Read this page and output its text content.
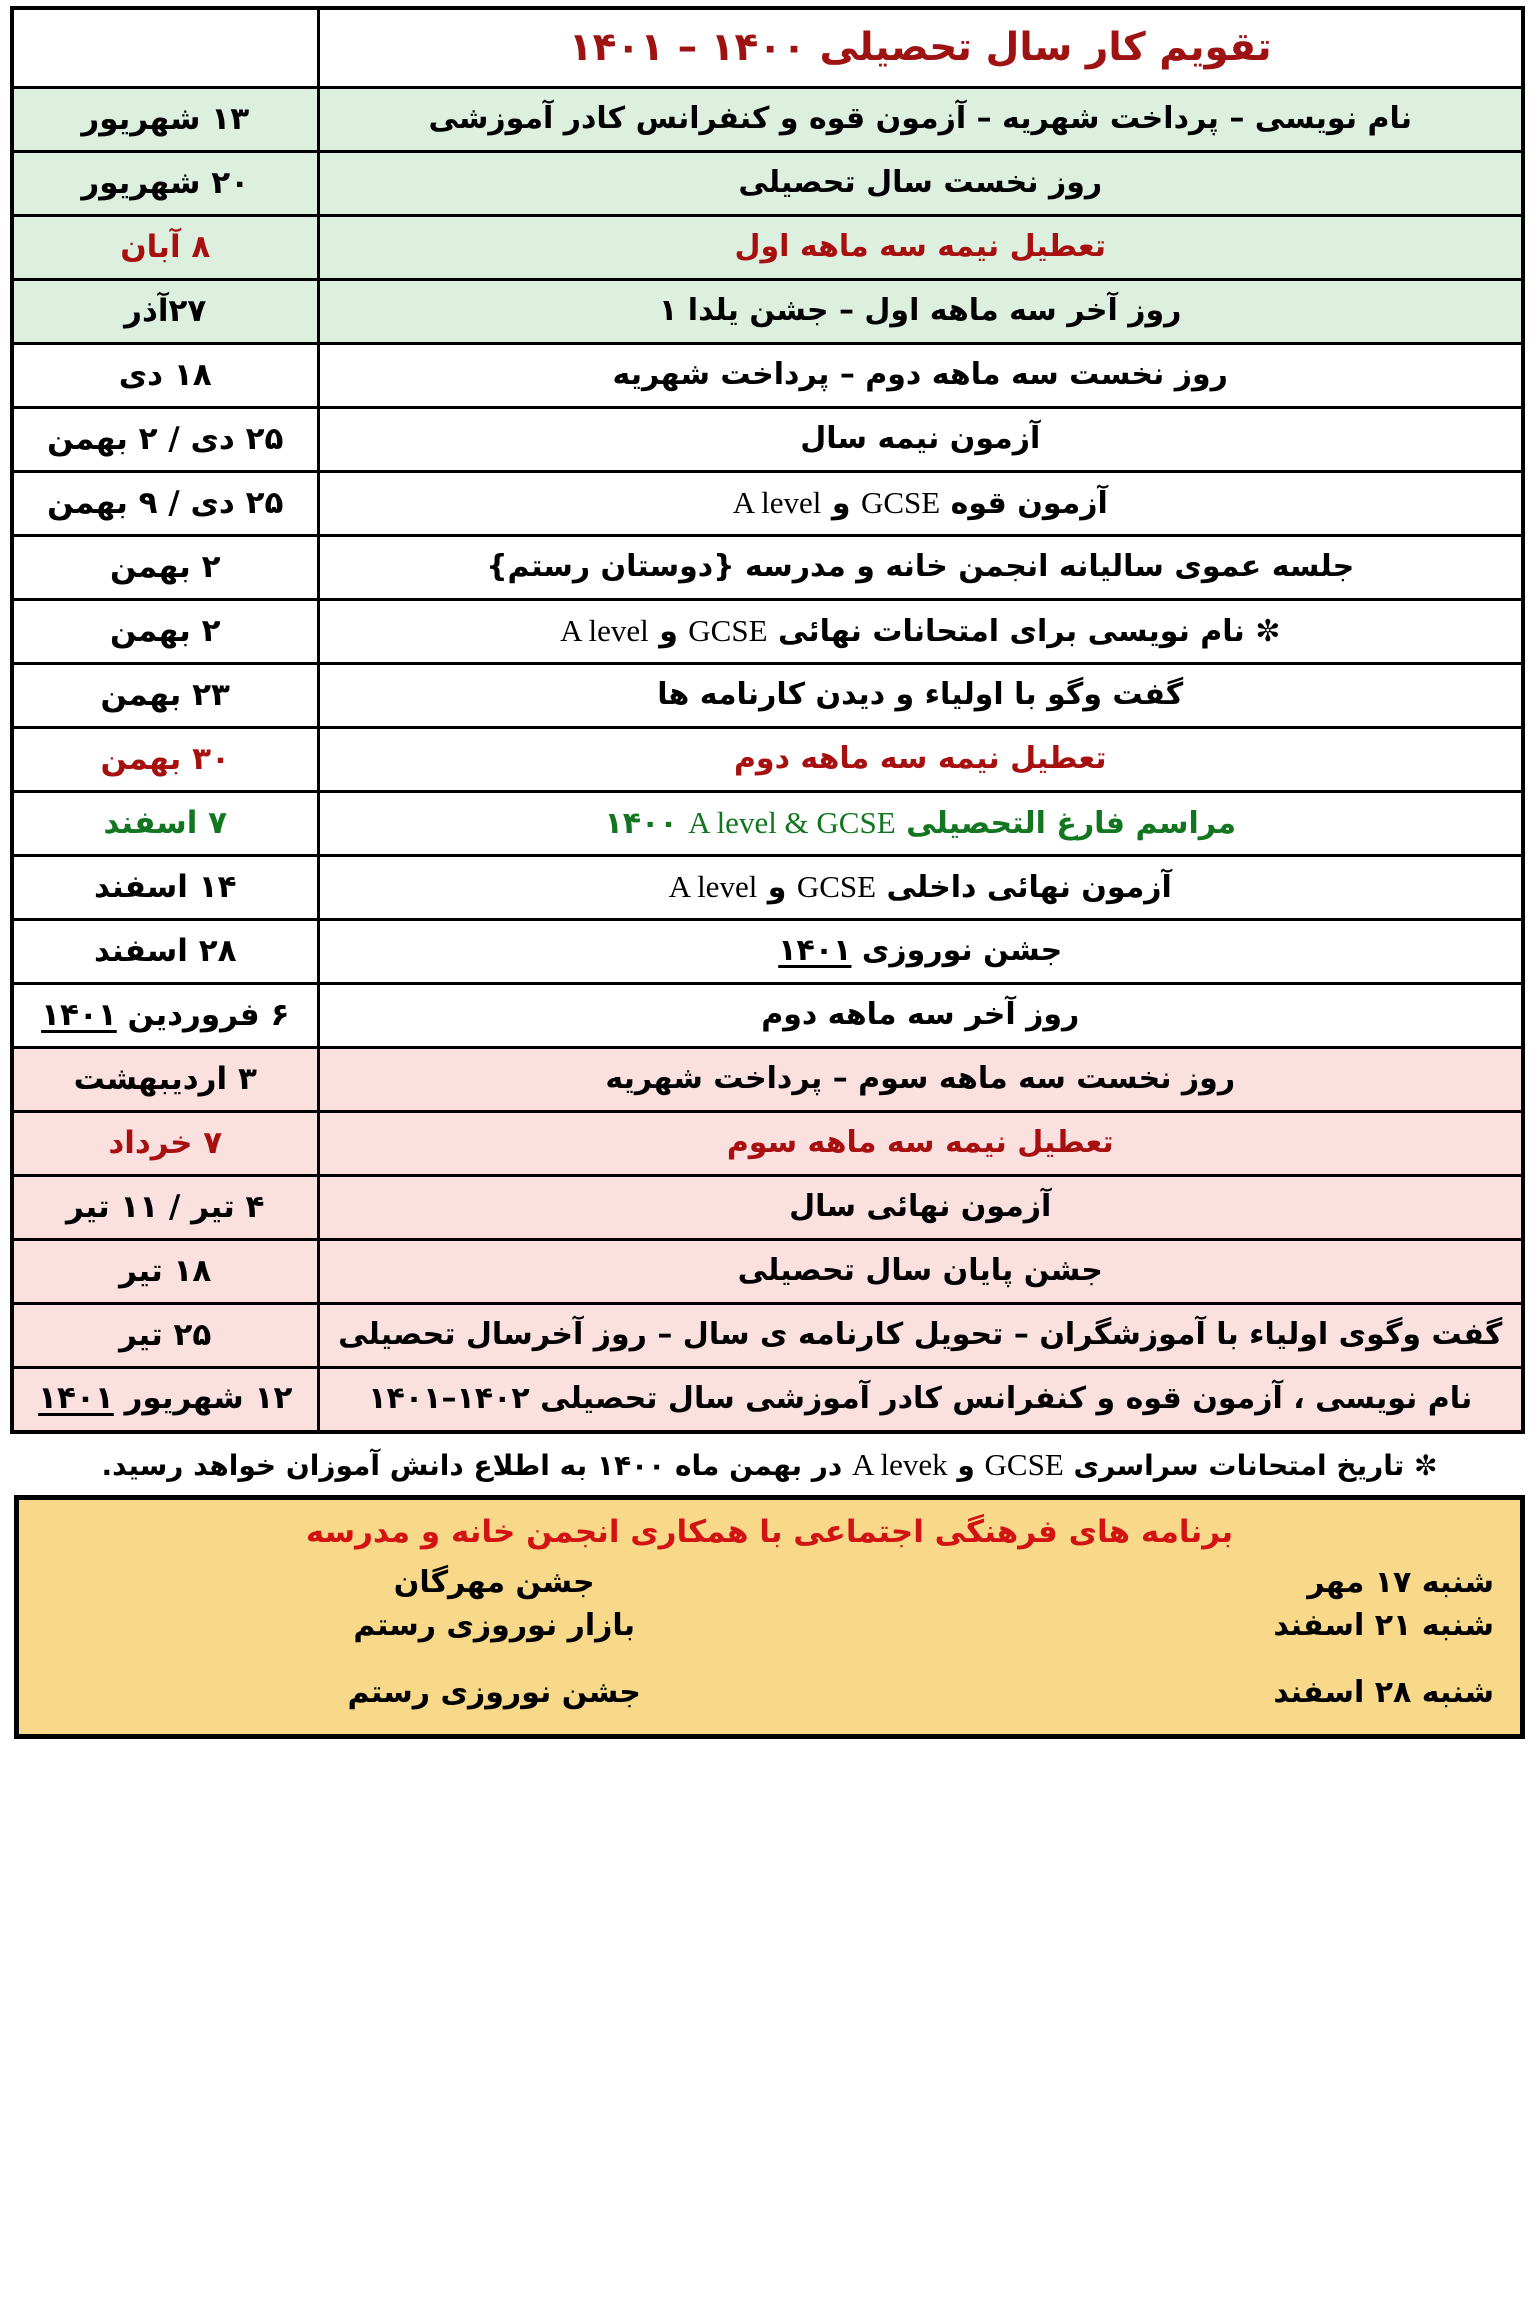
تقویم کار سال تحصیلی ۱۴۰۰ – ۱۴۰۱	
نام نویسی – پرداخت شهریه – آزمون قوه و کنفرانس کادر آموزشی	۱۳ شهریور
روز نخست سال تحصیلی	۲۰ شهریور
تعطیل نیمه سه ماهه اول	۸ آبان
روز آخر سه ماهه اول – جشن یلدا ۱	۲۷آذر
روز نخست سه ماهه دوم – پرداخت شهریه	۱۸ دی
آزمون نیمه سال	۲۵ دی / ۲ بهمن
آزمون قوه GCSE و A level	۲۵ دی / ۹ بهمن
جلسه عموی سالیانه انجمن خانه و مدرسه {دوستان رستم}	۲ بهمن
✼ نام نویسی برای امتحانات نهائی GCSE و A level	۲ بهمن
گفت وگو با اولیاء و دیدن کارنامه ها	۲۳ بهمن
تعطیل نیمه سه ماهه دوم	۳۰ بهمن
مراسم فارغ التحصیلی A level & GCSE ۱۴۰۰	۷ اسفند
آزمون نهائی داخلی GCSE و A level	۱۴ اسفند
جشن نوروزی ۱۴۰۱	۲۸ اسفند
روز آخر سه ماهه دوم	۶ فروردین ۱۴۰۱
روز نخست سه ماهه سوم – پرداخت شهریه	۳ اردیبهشت
تعطیل نیمه سه ماهه سوم	۷ خرداد
آزمون نهائی سال	۴ تیر / ۱۱ تیر
جشن پایان سال تحصیلی	۱۸ تیر
گفت وگوی اولیاء با آموزشگران – تحویل کارنامه ی سال – روز آخرسال تحصیلی	۲۵ تیر
نام نویسی ، آزمون قوه و کنفرانس کادر آموزشی سال تحصیلی ۱۴۰۲–۱۴۰۱	۱۲ شهریور ۱۴۰۱
✼ تاریخ امتحانات سراسری GCSE و A levek در بهمن ماه ۱۴۰۰ به اطلاع دانش آموزان خواهد رسید.
برنامه های فرهنگی اجتماعی با همکاری انجمن خانه و مدرسه
شنبه ۱۷ مهر	جشن مهرگان
شنبه ۲۱ اسفند	بازار نوروزی رستم
شنبه ۲۸ اسفند	جشن نوروزی رستم
